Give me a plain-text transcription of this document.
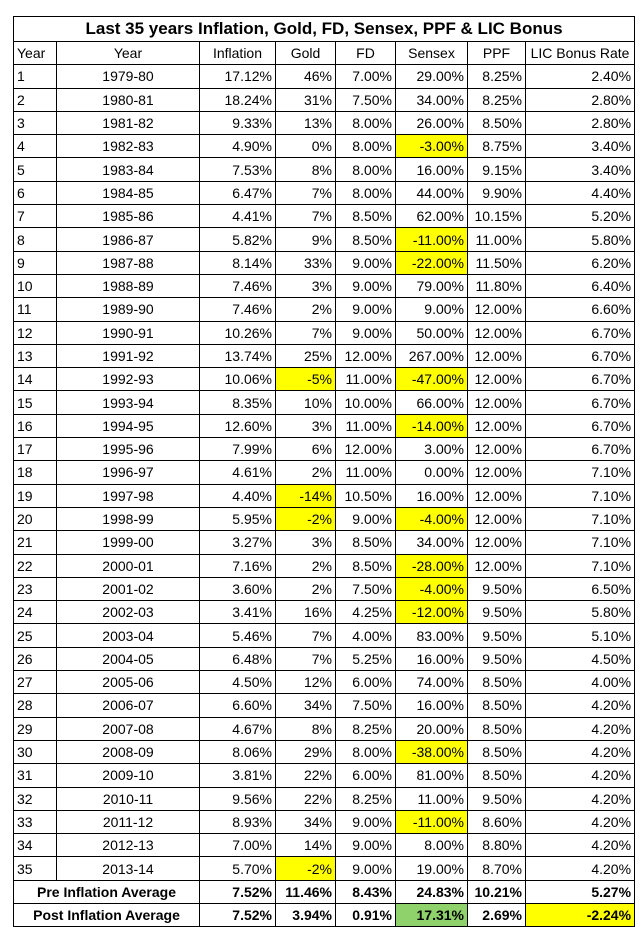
Last 35 years Inflation, Gold, FD, Sensex, PPF & LIC Bonus							
Year	Year	Inflation	Gold	FD	Sensex	PPF	LIC Bonus Rate
1	1979-80	17.12%	46%	7.00%	29.00%	8.25%	2.40%
2	1980-81	18.24%	31%	7.50%	34.00%	8.25%	2.80%
3	1981-82	9.33%	13%	8.00%	26.00%	8.50%	2.80%
4	1982-83	4.90%	0%	8.00%	-3.00%	8.75%	3.40%
5	1983-84	7.53%	8%	8.00%	16.00%	9.15%	3.40%
6	1984-85	6.47%	7%	8.00%	44.00%	9.90%	4.40%
7	1985-86	4.41%	7%	8.50%	62.00%	10.15%	5.20%
8	1986-87	5.82%	9%	8.50%	-11.00%	11.00%	5.80%
9	1987-88	8.14%	33%	9.00%	-22.00%	11.50%	6.20%
10	1988-89	7.46%	3%	9.00%	79.00%	11.80%	6.40%
11	1989-90	7.46%	2%	9.00%	9.00%	12.00%	6.60%
12	1990-91	10.26%	7%	9.00%	50.00%	12.00%	6.70%
13	1991-92	13.74%	25%	12.00%	267.00%	12.00%	6.70%
14	1992-93	10.06%	-5%	11.00%	-47.00%	12.00%	6.70%
15	1993-94	8.35%	10%	10.00%	66.00%	12.00%	6.70%
16	1994-95	12.60%	3%	11.00%	-14.00%	12.00%	6.70%
17	1995-96	7.99%	6%	12.00%	3.00%	12.00%	6.70%
18	1996-97	4.61%	2%	11.00%	0.00%	12.00%	7.10%
19	1997-98	4.40%	-14%	10.50%	16.00%	12.00%	7.10%
20	1998-99	5.95%	-2%	9.00%	-4.00%	12.00%	7.10%
21	1999-00	3.27%	3%	8.50%	34.00%	12.00%	7.10%
22	2000-01	7.16%	2%	8.50%	-28.00%	12.00%	7.10%
23	2001-02	3.60%	2%	7.50%	-4.00%	9.50%	6.50%
24	2002-03	3.41%	16%	4.25%	-12.00%	9.50%	5.80%
25	2003-04	5.46%	7%	4.00%	83.00%	9.50%	5.10%
26	2004-05	6.48%	7%	5.25%	16.00%	9.50%	4.50%
27	2005-06	4.50%	12%	6.00%	74.00%	8.50%	4.00%
28	2006-07	6.60%	34%	7.50%	16.00%	8.50%	4.20%
29	2007-08	4.67%	8%	8.25%	20.00%	8.50%	4.20%
30	2008-09	8.06%	29%	8.00%	-38.00%	8.50%	4.20%
31	2009-10	3.81%	22%	6.00%	81.00%	8.50%	4.20%
32	2010-11	9.56%	22%	8.25%	11.00%	9.50%	4.20%
33	2011-12	8.93%	34%	9.00%	-11.00%	8.60%	4.20%
34	2012-13	7.00%	14%	9.00%	8.00%	8.80%	4.20%
35	2013-14	5.70%	-2%	9.00%	19.00%	8.70%	4.20%
Pre Inflation Average		7.52%	11.46%	8.43%	24.83%	10.21%	5.27%
Post Inflation Average		7.52%	3.94%	0.91%	17.31%	2.69%	-2.24%
